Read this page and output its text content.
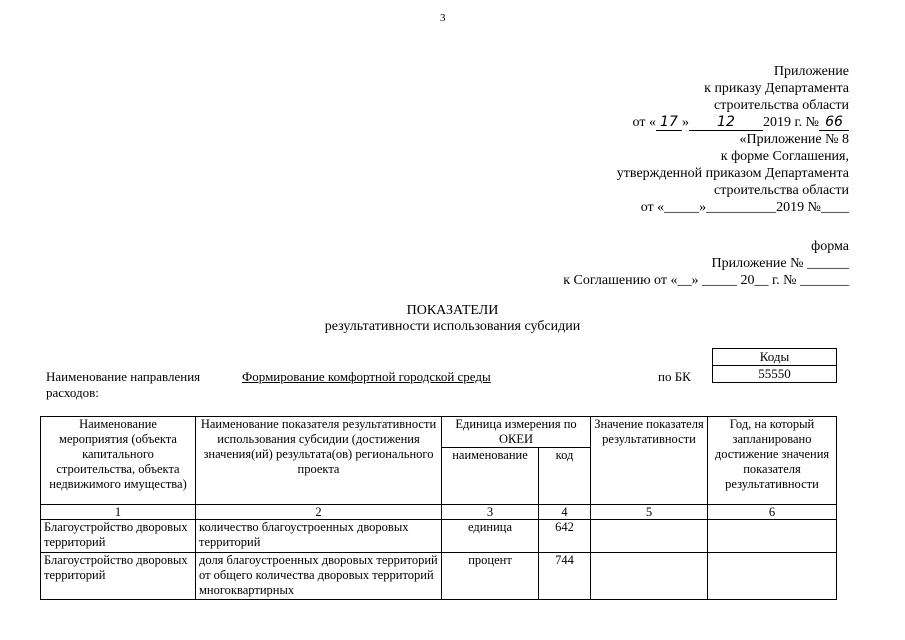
3
Приложение
к приказу Департамента
строительства области
от « 17 » 12 2019 г. № 66
«Приложение № 8
к форме Соглашения,
утвержденной приказом Департамента
строительства области
от «_____»__________2019 №____
форма
Приложение № ______
к Соглашению от «__» _____ 20__ г. № _______
ПОКАЗАТЕЛИ
результативности использования субсидии
Коды
55550
Наименование направления
расходов:
Формирование комфортной городской среды	по БК
Наименование мероприятия (объекта капитального строительства, объекта недвижимого имущества)	Наименование показателя результативности использования субсидии (достижения значения(ий) результата(ов) регионального проекта	Единица измерения по ОКЕИ		Значение показателя результативности	Год, на который запланировано достижение значения показателя результативности
		наименование	код		
1	2	3	4	5	6
Благоустройство дворовых территорий	количество благоустроенных дворовых территорий	единица	642		
Благоустройство дворовых территорий	доля благоустроенных дворовых территорий от общего количества дворовых территорий многоквартирных	процент	744		
